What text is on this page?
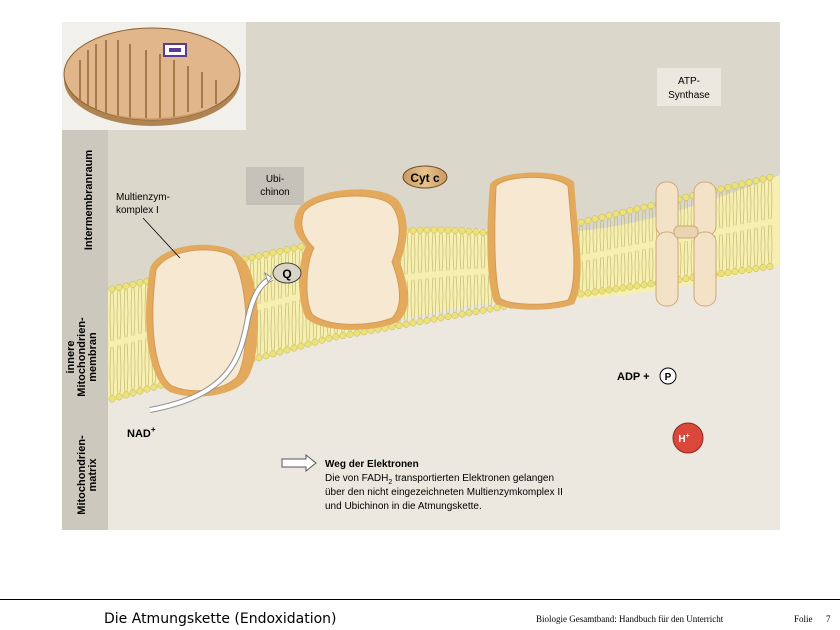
Cyt c
Q
Intermembranraum
innere Mitochondrien- membran
Mitochondrien- matrix
Multienzym-
komplex I
Ubi-
chinon
ATP-
Synthase
NAD+
ADP + P
H+
Weg der Elektronen
Die von $FADH_2$ transportierten Elektronen gelangen
über den nicht eingezeichneten Multienzymkomplex II
und Ubichinon in die Atmungskette.
Die Atmungskette (Endoxidation)	Biologie Gesamtband: Handbuch für den Unterricht	Folie 7
